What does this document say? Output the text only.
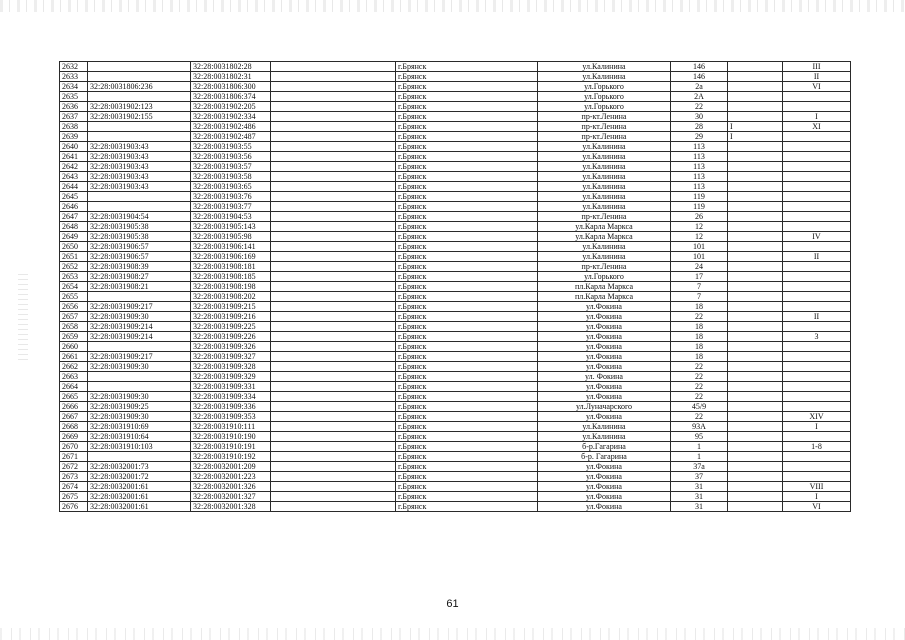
2632		32:28:0031802:28		г.Брянск	ул.Калинина	146		III
2633		32:28:0031802:31		г.Брянск	ул.Калинина	146		II
2634	32:28:0031806:236	32:28:0031806:300		г.Брянск	ул.Горького	2а		VI
2635		32:28:0031806:374		г.Брянск	ул.Горького	2А		
2636	32:28:0031902:123	32:28:0031902:205		г.Брянск	ул.Горького	22		
2637	32:28:0031902:155	32:28:0031902:334		г.Брянск	пр-кт.Ленина	30		I
2638		32:28:0031902:486		г.Брянск	пр-кт.Ленина	28	I	XI
2639		32:28:0031902:487		г.Брянск	пр-кт.Ленина	29	I	
2640	32:28:0031903:43	32:28:0031903:55		г.Брянск	ул.Калинина	113		
2641	32:28:0031903:43	32:28:0031903:56		г.Брянск	ул.Калинина	113		
2642	32:28:0031903:43	32:28:0031903:57		г.Брянск	ул.Калинина	113		
2643	32:28:0031903:43	32:28:0031903:58		г.Брянск	ул.Калинина	113		
2644	32:28:0031903:43	32:28:0031903:65		г.Брянск	ул.Калинина	113		
2645		32:28:0031903:76		г.Брянск	ул.Калинина	119		
2646		32:28:0031903:77		г.Брянск	ул.Калинина	119		
2647	32:28:0031904:54	32:28:0031904:53		г.Брянск	пр-кт.Ленина	26		
2648	32:28:0031905:38	32:28:0031905:143		г.Брянск	ул.Карла Маркса	12		
2649	32:28:0031905:38	32:28:0031905:98		г.Брянск	ул.Карла Маркса	12		IV
2650	32:28:0031906:57	32:28:0031906:141		г.Брянск	ул.Калинина	101		
2651	32:28:0031906:57	32:28:0031906:169		г.Брянск	ул.Калинина	101		II
2652	32:28:0031908:39	32:28:0031908:181		г.Брянск	пр-кт.Ленина	24		
2653	32:28:0031908:27	32:28:0031908:185		г.Брянск	ул.Горького	17		
2654	32:28:0031908:21	32:28:0031908:198		г.Брянск	пл.Карла Маркса	7		
2655		32:28:0031908:202		г.Брянск	пл.Карла Маркса	7		
2656	32:28:0031909:217	32:28:0031909:215		г.Брянск	ул.Фокина	18		
2657	32:28:0031909:30	32:28:0031909:216		г.Брянск	ул.Фокина	22		II
2658	32:28:0031909:214	32:28:0031909:225		г.Брянск	ул.Фокина	18		
2659	32:28:0031909:214	32:28:0031909:226		г.Брянск	ул.Фокина	18		3
2660		32:28:0031909:326		г.Брянск	ул.Фокина	18		
2661	32:28:0031909:217	32:28:0031909:327		г.Брянск	ул.Фокина	18		
2662	32:28:0031909:30	32:28:0031909:328		г.Брянск	ул.Фокина	22		
2663		32:28:0031909:329		г.Брянск	ул. Фокина	22		
2664		32:28:0031909:331		г.Брянск	ул.Фокина	22		
2665	32:28:0031909:30	32:28:0031909:334		г.Брянск	ул.Фокина	22		
2666	32:28:0031909:25	32:28:0031909:336		г.Брянск	ул.Луначарского	45/9		
2667	32:28:0031909:30	32:28:0031909:353		г.Брянск	ул.Фокина	22		XIV
2668	32:28:0031910:69	32:28:0031910:111		г.Брянск	ул.Калинина	93А		I
2669	32:28:0031910:64	32:28:0031910:190		г.Брянск	ул.Калинина	95		
2670	32:28:0031910:103	32:28:0031910:191		г.Брянск	б-р.Гагарина	1		1-8
2671		32:28:0031910:192		г.Брянск	б-р. Гагарина	1		
2672	32:28:0032001:73	32:28:0032001:209		г.Брянск	ул.Фокина	37а		
2673	32:28:0032001:72	32:28:0032001:223		г.Брянск	ул.Фокина	37		
2674	32:28:0032001:61	32:28:0032001:326		г.Брянск	ул.Фокина	31		VIII
2675	32:28:0032001:61	32:28:0032001:327		г.Брянск	ул.Фокина	31		I
2676	32:28:0032001:61	32:28:0032001:328		г.Брянск	ул.Фокина	31		VI
61
